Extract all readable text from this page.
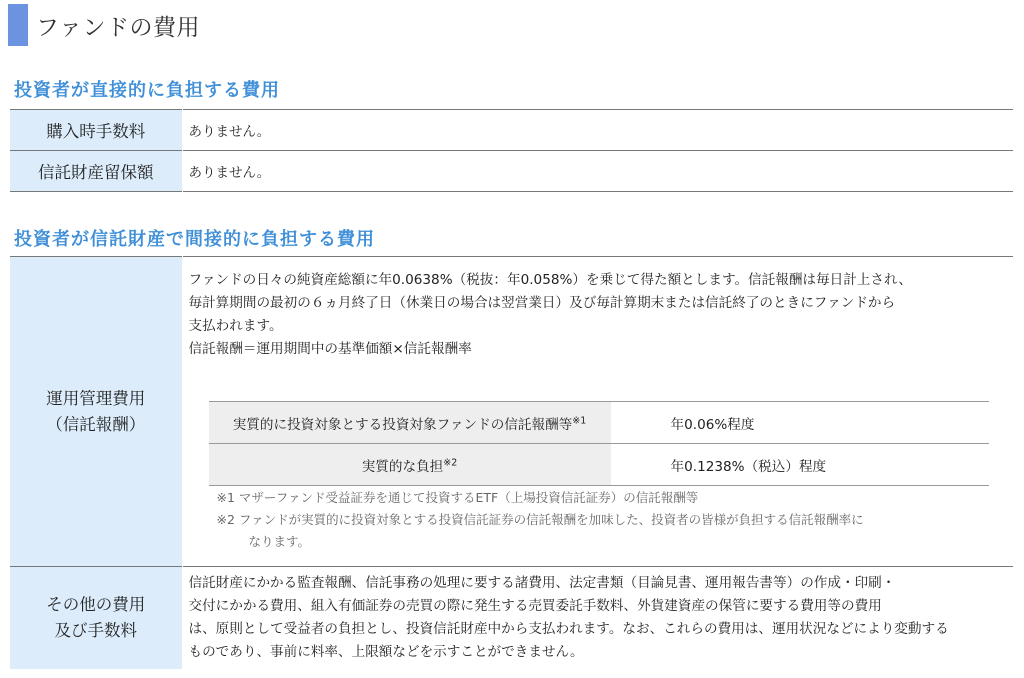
ファンドの費用
投資者が直接的に負担する費用
購入時手数料	ありません。
信託財産留保額	ありません。
投資者が信託財産で間接的に負担する費用
運用管理費用
（信託報酬）

ファンドの日々の純資産総額に年0.0638%（税抜：年0.058%）を乗じて得た額とします。信託報酬は毎日計上され、

毎計算期間の最初の６ヵ月終了日（休業日の場合は翌営業日）及び毎計算期末または信託終了のときにファンドから

支払われます。

信託報酬＝運用期間中の基準価額×信託報酬率

実質的に投資対象とする投資対象ファンドの信託報酬等$^{※1}$	年0.06%程度
実質的な負担$^{※2}$	年0.1238%（税込）程度
※1 マザーファンド受益証券を通じて投資するETF（上場投資信託証券）の信託報酬等
※2 ファンドが実質的に投資対象とする投資信託証券の信託報酬を加味した、投資者の皆様が負担する信託報酬率に
なります。

その他の費用
及び手数料

信託財産にかかる監査報酬、信託事務の処理に要する諸費用、法定書類（目論見書、運用報告書等）の作成・印刷・

交付にかかる費用、組入有価証券の売買の際に発生する売買委託手数料、外貨建資産の保管に要する費用等の費用

は、原則として受益者の負担とし、投資信託財産中から支払われます。なお、これらの費用は、運用状況などにより変動する

ものであり、事前に料率、上限額などを示すことができません。
